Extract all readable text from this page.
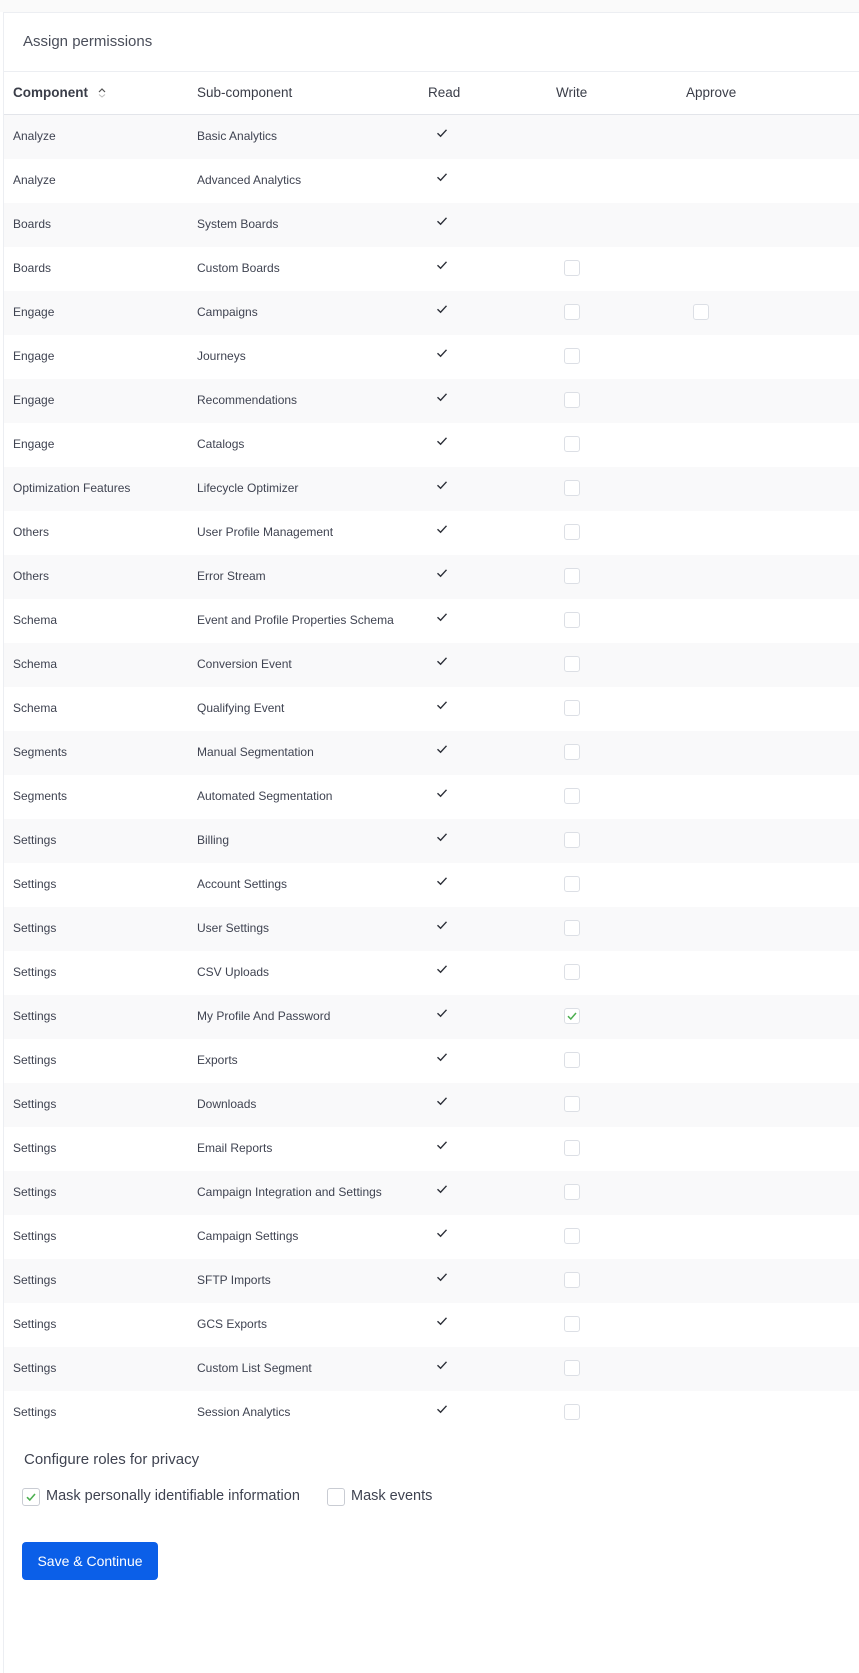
Assign permissions
Component	Sub-component	Read	Write	Approve
Analyze	Basic Analytics
Analyze	Advanced Analytics
Boards	System Boards
Boards	Custom Boards
Engage	Campaigns
Engage	Journeys
Engage	Recommendations
Engage	Catalogs
Optimization Features	Lifecycle Optimizer
Others	User Profile Management
Others	Error Stream
Schema	Event and Profile Properties Schema
Schema	Conversion Event
Schema	Qualifying Event
Segments	Manual Segmentation
Segments	Automated Segmentation
Settings	Billing
Settings	Account Settings
Settings	User Settings
Settings	CSV Uploads
Settings	My Profile And Password
Settings	Exports
Settings	Downloads
Settings	Email Reports
Settings	Campaign Integration and Settings
Settings	Campaign Settings
Settings	SFTP Imports
Settings	GCS Exports
Settings	Custom List Segment
Settings	Session Analytics
Configure roles for privacy
Mask personally identifiable information	Mask events
Save & Continue
